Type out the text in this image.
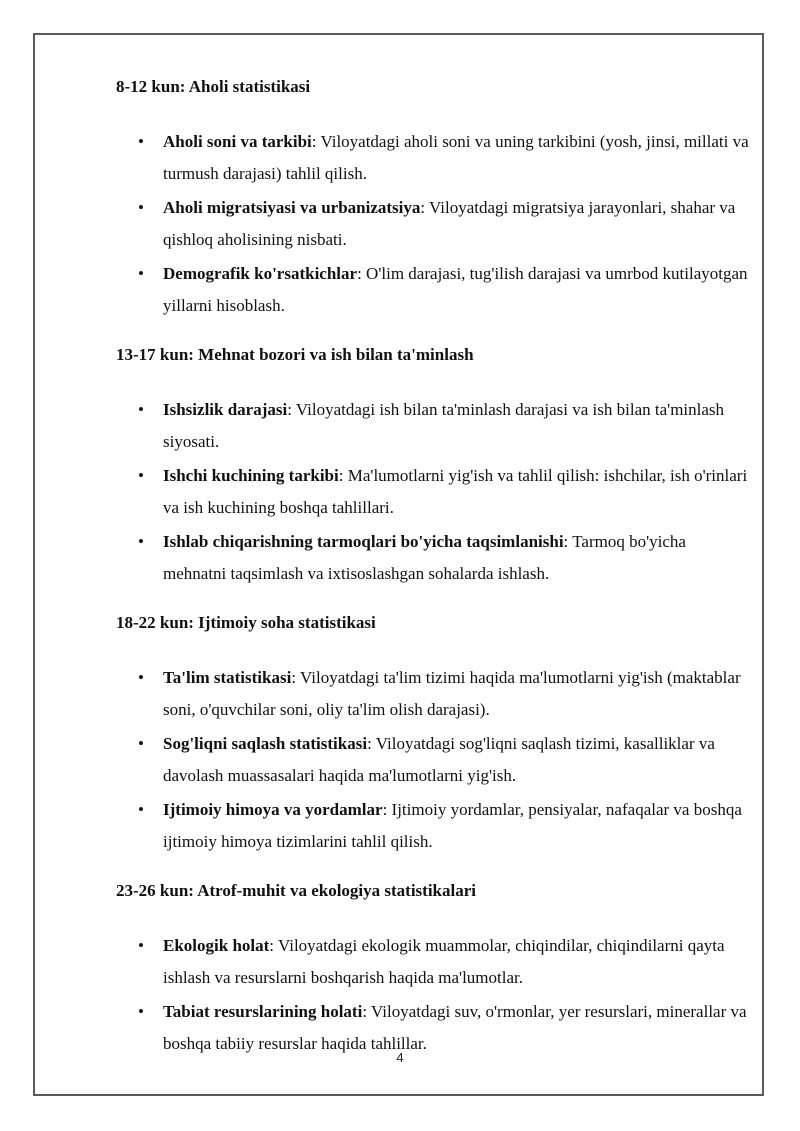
8-12 kun: Aholi statistikasi

• Aholi soni va tarkibi: Viloyatdagi aholi soni va uning tarkibini (yosh, jinsi, millati va turmush darajasi) tahlil qilish.
• Aholi migratsiyasi va urbanizatsiya: Viloyatdagi migratsiya jarayonlari, shahar va qishloq aholisining nisbati.
• Demografik ko'rsatkichlar: O'lim darajasi, tug'ilish darajasi va umrbod kutilayotgan yillarni hisoblash.

13-17 kun: Mehnat bozori va ish bilan ta'minlash

• Ishsizlik darajasi: Viloyatdagi ish bilan ta'minlash darajasi va ish bilan ta'minlash siyosati.
• Ishchi kuchining tarkibi: Ma'lumotlarni yig'ish va tahlil qilish: ishchilar, ish o'rinlari va ish kuchining boshqa tahlillari.
• Ishlab chiqarishning tarmoqlari bo'yicha taqsimlanishi: Tarmoq bo'yicha mehnatni taqsimlash va ixtisoslashgan sohalarda ishlash.

18-22 kun: Ijtimoiy soha statistikasi

• Ta'lim statistikasi: Viloyatdagi ta'lim tizimi haqida ma'lumotlarni yig'ish (maktablar soni, o'quvchilar soni, oliy ta'lim olish darajasi).
• Sog'liqni saqlash statistikasi: Viloyatdagi sog'liqni saqlash tizimi, kasalliklar va davolash muassasalari haqida ma'lumotlarni yig'ish.
• Ijtimoiy himoya va yordamlar: Ijtimoiy yordamlar, pensiyalar, nafaqalar va boshqa ijtimoiy himoya tizimlarini tahlil qilish.

23-26 kun: Atrof-muhit va ekologiya statistikalari

• Ekologik holat: Viloyatdagi ekologik muammolar, chiqindilar, chiqindilarni qayta ishlash va resurslarni boshqarish haqida ma'lumotlar.
• Tabiat resurslarining holati: Viloyatdagi suv, o'rmonlar, yer resurslari, minerallar va boshqa tabiiy resurslar haqida tahlillar.
4
